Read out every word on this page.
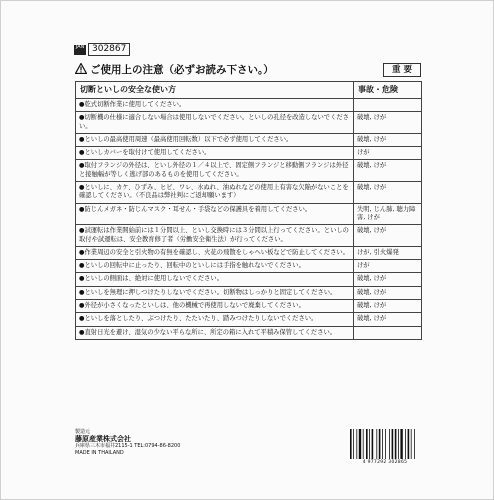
JAN 302867
ご使用上の注意（必ずお読み下さい。）	重 要
切断といしの安全な使い方	事故・危険
●乾式切断作業に使用してください。	
●切断機の仕様に適合しない場合は使用しないでください。といしの孔径を改造しないでください。	破壊, けが
●といしの最高使用周速（最高使用回転数）以下で必ず使用してください。	破壊, けが
●といしカバーを取付けて使用してください。	けが
●取付フランジの外径は、といし外径の１／４以上で、固定側フランジと移動側フランジは外径と接触幅が等しく逃げ部のあるものを使用してください。	破壊, けが
●といしに、カケ、ひずみ、ヒビ、ワレ、水ぬれ、油ぬれなどの使用上有害な欠陥がないことを確認してください。（不良品は弊社判にご返却願います）	破壊, けが
●防じんメガネ・防じんマスク・耳せん・手袋などの保護具を着用してください。	失明, じん肺, 聴力障害, けが
●試運転は作業開始前には１分間以上、といし交換時には３分間以上行ってください。といしの取付や試運転は、安全教育修了者（労働安全衛生法）が行ってください。	破壊, けが
●作業周辺の安全と引火物の有無を確認し、火花の飛散をしゃへい板などで防止してください。	けが, 引火爆発
●といしの回転中に止ったり、回転中のといしには手指を触れないでください。	けが
●といしの側面は、絶対に使用しないでください。	破壊, けが
●といしを無理に押しつけたりしないでください。切断物はしっかりと固定してください。	破壊, けが
●外径が小さくなったといしは、他の機械で再使用しないで廃棄してください。	破壊, けが
●といしを落としたり、ぶつけたり、たたいたり、踏みつけたりしないでください。	破壊, けが
●直射日光を避け、湿気の少ない平らな所に、所定の箱に入れて平積み保管してください。	
製造元
藤原産業株式会社
兵庫県三木市福井2115-1 TEL:0794-86-8200
MADE IN THAILAND
4 977292 302865
